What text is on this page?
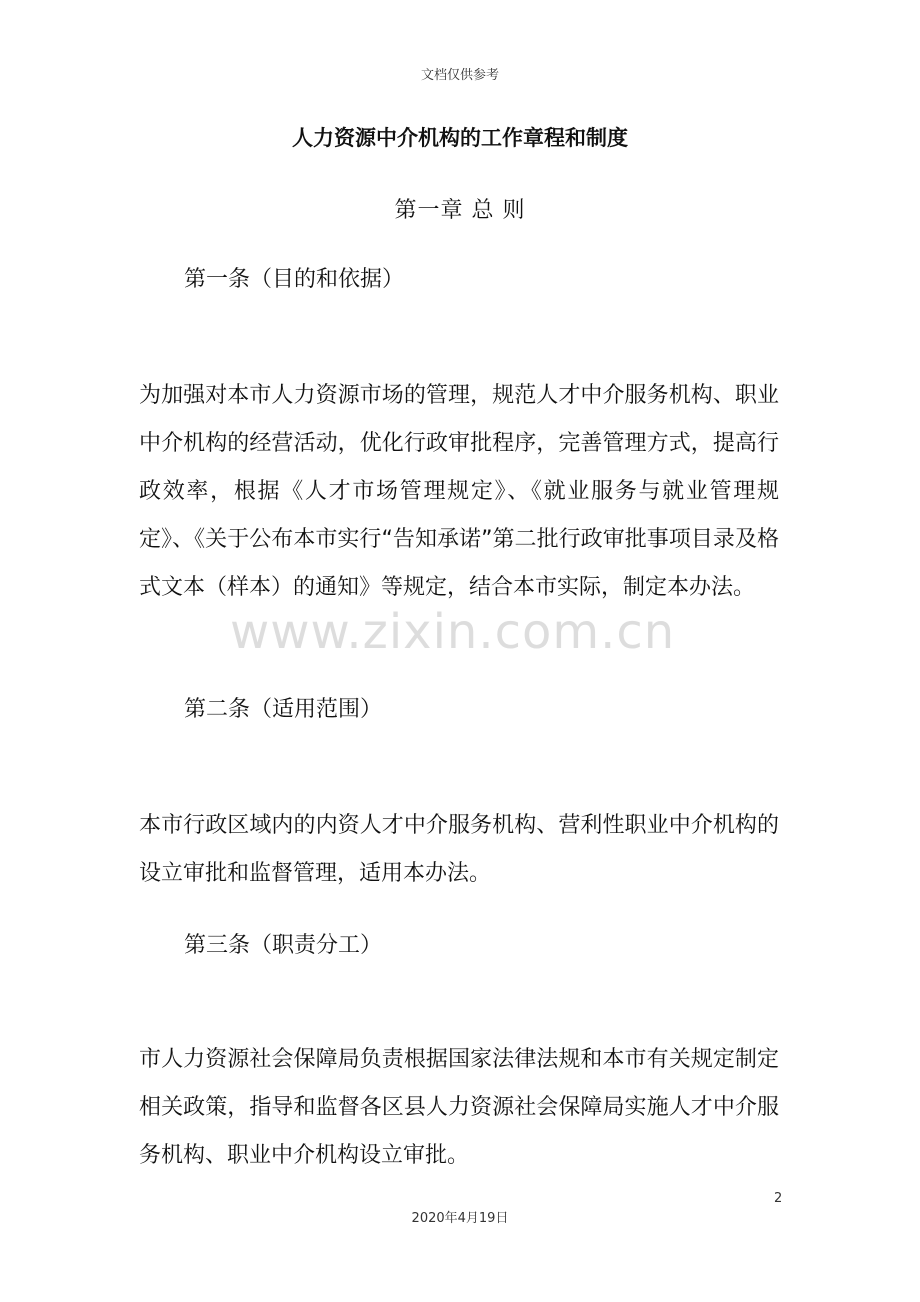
文档仅供参考
人力资源中介机构的工作章程和制度
第一章 总 则
第一条（目的和依据）
为加强对本市人力资源市场的管理，规范人才中介服务机构、职业中介机构的经营活动，优化行政审批程序，完善管理方式，提高行政效率，根据《人才市场管理规定》、《就业服务与就业管理规定》、《关于公布本市实行“告知承诺”第二批行政审批事项目录及格式文本（样本）的通知》等规定，结合本市实际，制定本办法。
第二条（适用范围）
本市行政区域内的内资人才中介服务机构、营利性职业中介机构的设立审批和监督管理，适用本办法。
第三条（职责分工）
市人力资源社会保障局负责根据国家法律法规和本市有关规定制定相关政策，指导和监督各区县人力资源社会保障局实施人才中介服务机构、职业中介机构设立审批。
www.zixin.com.cn
2
2020年4月19日
